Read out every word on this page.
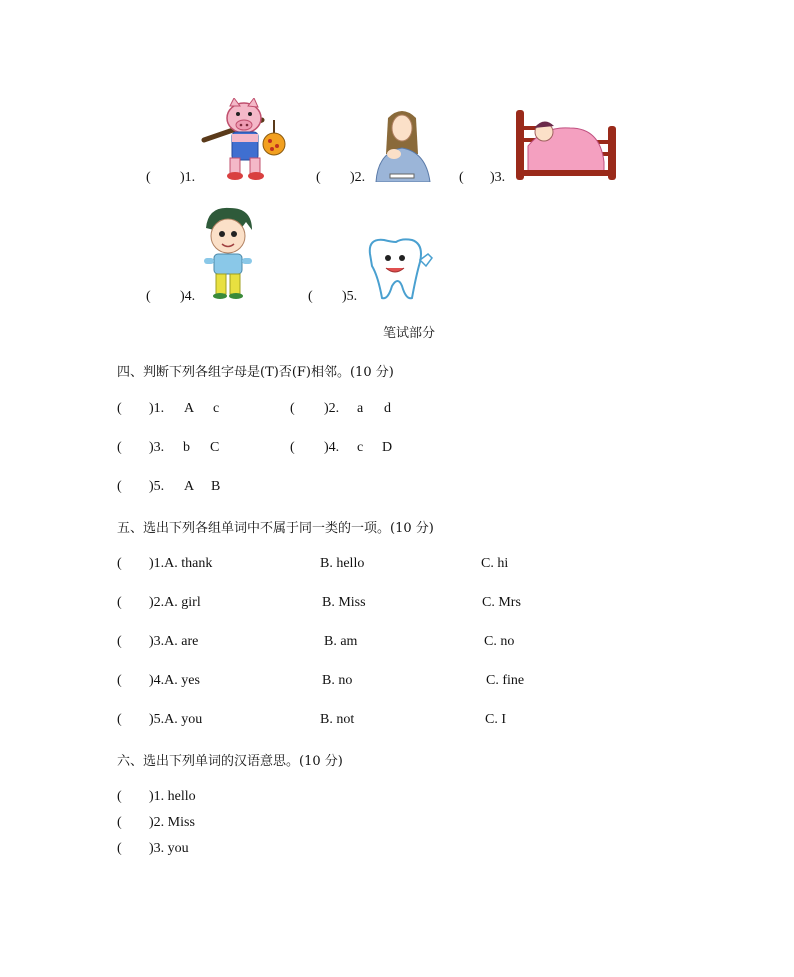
( )1.	( )2.	( )3.
( )4.	( )5.
笔试部分
四、判断下列各组字母是(T)否(F)相邻。(10 分)
( )1. A c	( )2. a d
( )3. b C	( )4. c D
( )5. A B
五、选出下列各组单词中不属于同一类的一项。(10 分)
( )1.A. thank	B. hello	C. hi
( )2.A. girl	B. Miss	C. Mrs
( )3.A. are	B. am	C. no
( )4.A. yes	B. no	C. fine
( )5.A. you	B. not	C. I
六、选出下列单词的汉语意思。(10 分)
( )1. hello
( )2. Miss
( )3. you
